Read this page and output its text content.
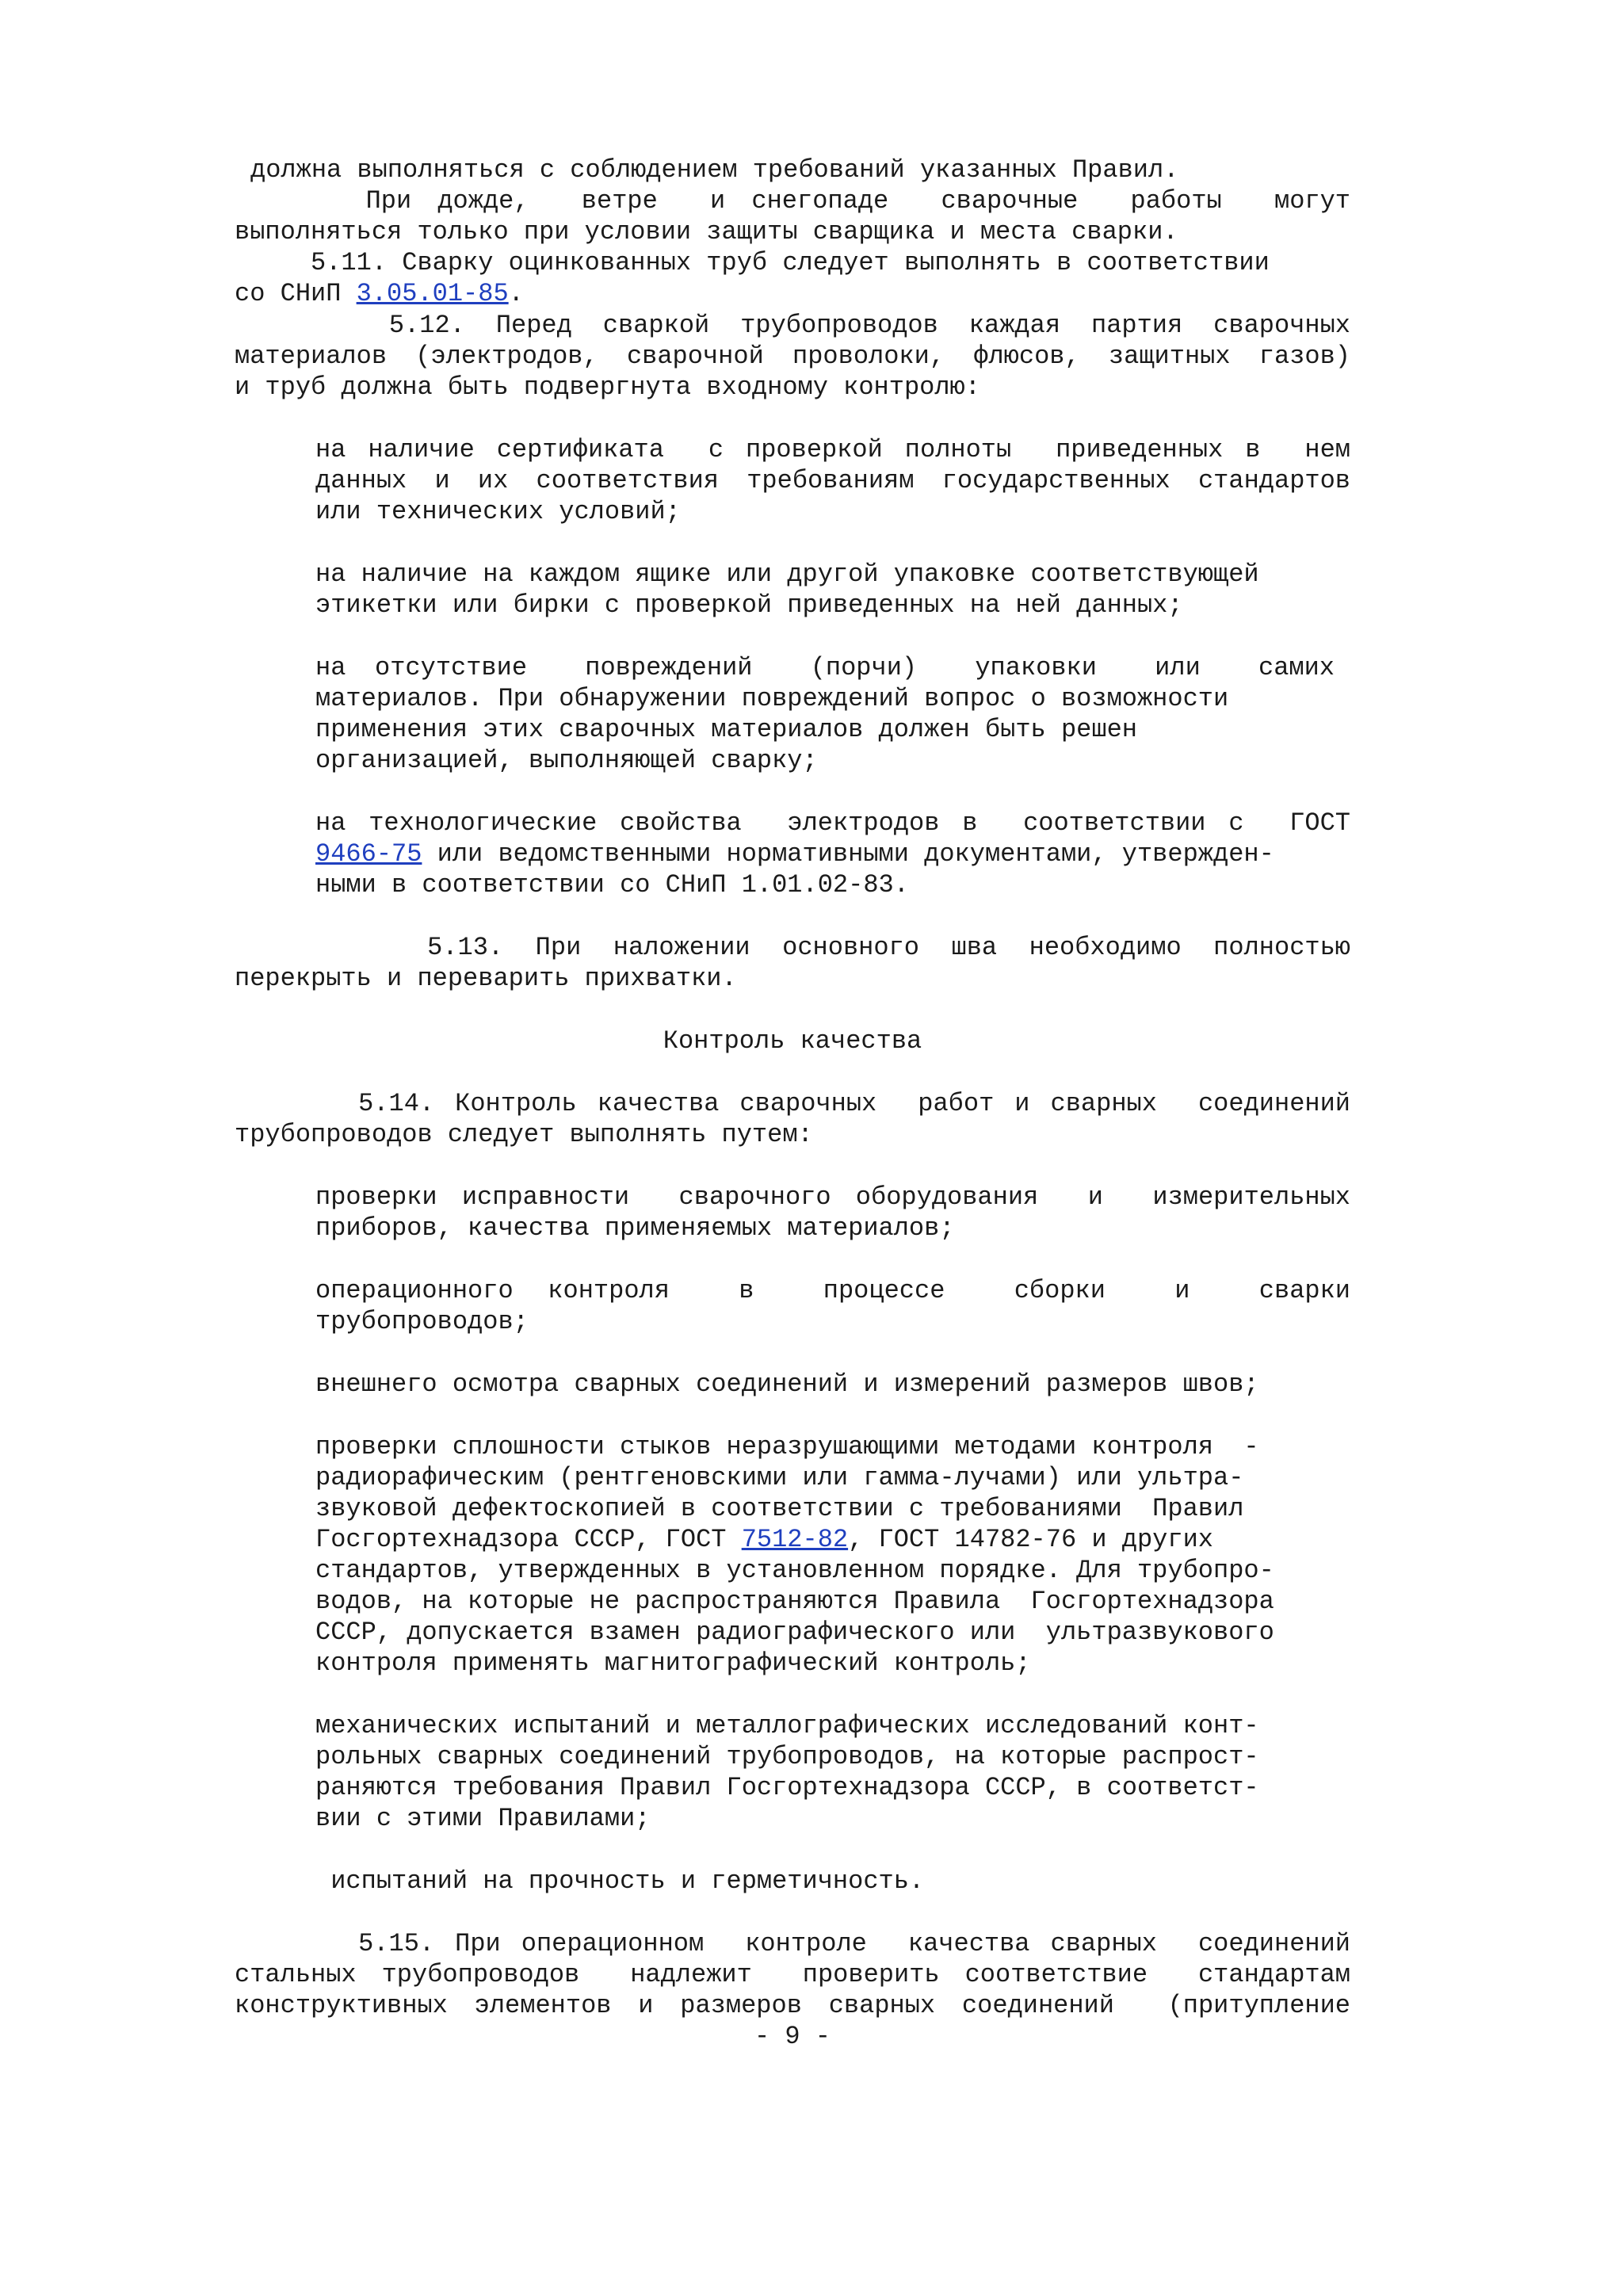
должна выполняться с соблюдением требований указанных Правил.
При дожде,  ветре  и снегопаде  сварочные  работы  могут
выполняться только при условии защиты сварщика и места сварки.
5.11. Сварку оцинкованных труб следует выполнять в соответствии
со СНиП 3.05.01-85.
5.12. Перед сваркой трубопроводов каждая партия сварочных
материалов (электродов, сварочной проволоки, флюсов, защитных газов)
и труб должна быть подвергнута входному контролю:
на наличие сертификата  с проверкой полноты  приведенных в  нем
данных и их соответствия требованиям государственных стандартов
или технических условий;
на наличие на каждом ящике или другой упаковке соответствующей
этикетки или бирки с проверкой приведенных на ней данных;
на отсутствие  повреждений  (порчи)  упаковки  или  самих
материалов. При обнаружении повреждений вопрос о возможности
применения этих сварочных материалов должен быть решен
организацией, выполняющей сварку;
на технологические свойства  электродов в  соответствии с  ГОСТ
9466-75 или ведомственными нормативными документами, утвержден-
ными в соответствии со СНиП 1.01.02-83.
5.13. При наложении основного шва необходимо полностью
перекрыть и переварить прихватки.
Контроль качества
5.14. Контроль качества сварочных  работ и сварных  соединений
трубопроводов следует выполнять путем:
проверки исправности  сварочного оборудования  и  измерительных
приборов, качества применяемых материалов;
операционного контроля  в  процессе  сборки  и  сварки
трубопроводов;
внешнего осмотра сварных соединений и измерений размеров швов;
проверки сплошности стыков неразрушающими методами контроля  -
радиорафическим (рентгеновскими или гамма-лучами) или ультра-
звуковой дефектоскопией в соответствии с требованиями  Правил
Госгортехнадзора СССР, ГОСТ 7512-82, ГОСТ 14782-76 и других
стандартов, утвержденных в установленном порядке. Для трубопро-
водов, на которые не распространяются Правила  Госгортехнадзора
СССР, допускается взамен радиографического или  ультразвукового
контроля применять магнитографический контроль;
механических испытаний и металлографических исследований конт-
рольных сварных соединений трубопроводов, на которые распрост-
раняются требования Правил Госгортехнадзора СССР, в соответст-
вии с этими Правилами;
испытаний на прочность и герметичность.
5.15. При операционном  контроле  качества сварных  соединений
стальных трубопроводов  надлежит  проверить соответствие  стандартам
конструктивных элементов и размеров сварных соединений  (притупление
- 9 -
